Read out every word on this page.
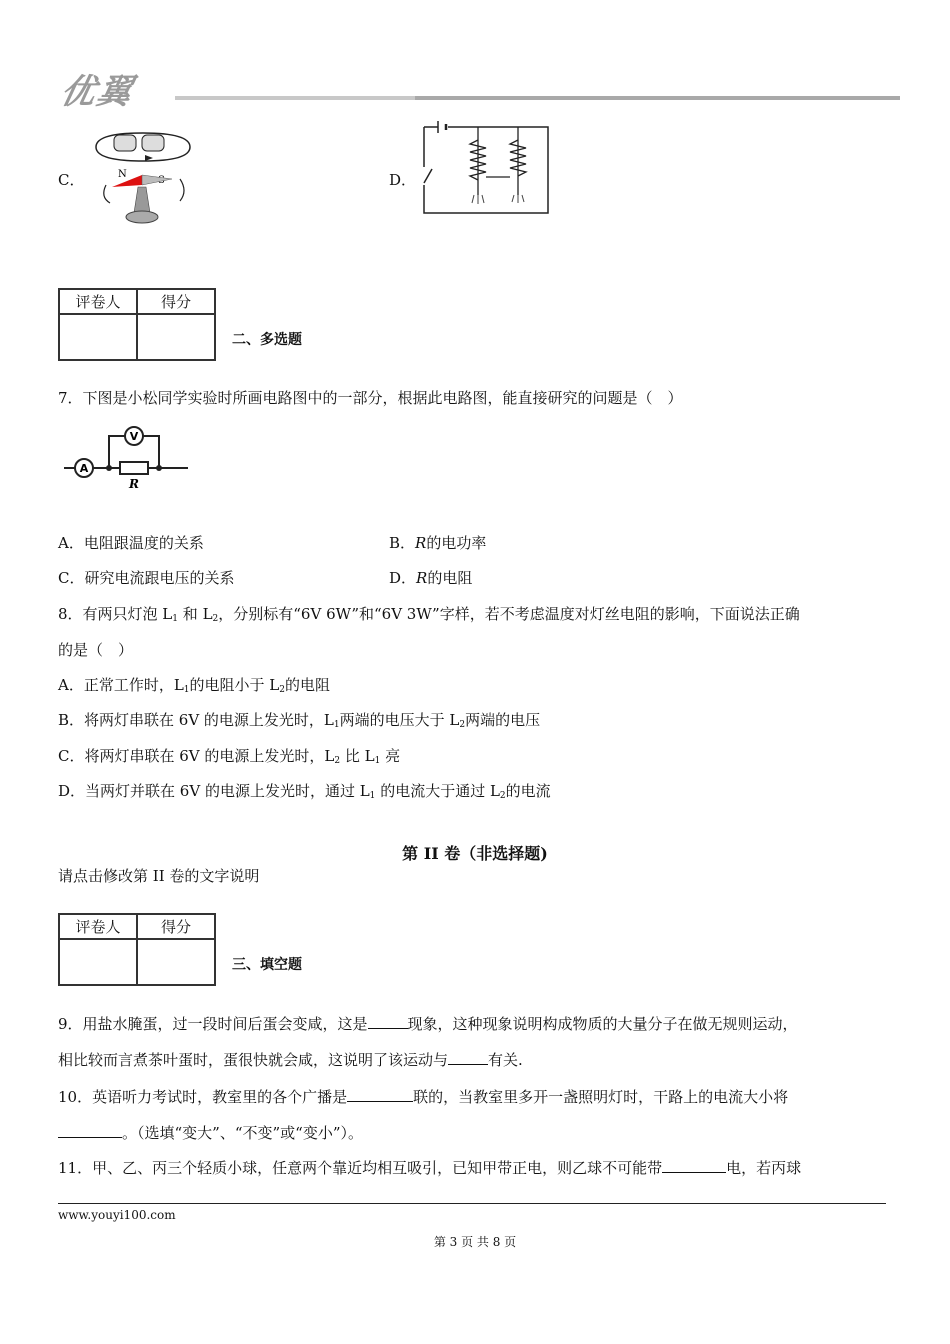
优翼
C．	N	D．
评卷人	得分

二、多选题
7．下图是小松同学实验时所画电路图中的一部分，根据此电路图，能直接研究的问题是（　）
A
V
R
A．电阻跟温度的关系	B．R的电功率
C．研究电流跟电压的关系	D．R的电阻
8．有两只灯泡 $L_1$ 和 $L_2$，分别标有“6V 6W”和“6V 3W”字样，若不考虑温度对灯丝电阻的影响，下面说法正确
的是（　）
A．正常工作时，$L_1$的电阻小于 $L_2$的电阻
B．将两灯串联在 6V 的电源上发光时，$L_1$两端的电压大于 $L_2$两端的电压
C．将两灯串联在 6V 的电源上发光时，$L_2$ 比 $L_1$ 亮
D．当两灯并联在 6V 的电源上发光时，通过 $L_1$ 的电流大于通过 $L_2$的电流
第 II 卷（非选择题)
请点击修改第 II 卷的文字说明
评卷人	得分

三、填空题
9．用盐水腌蛋，过一段时间后蛋会变咸，这是	现象，这种现象说明构成物质的大量分子在做无规则运动，
相比较而言煮茶叶蛋时，蛋很快就会咸，这说明了该运动与	有关.
10．英语听力考试时，教室里的各个广播是	联的，当教室里多开一盏照明灯时，干路上的电流大小将
。（选填“变大”、“不变”或“变小”）。
11．甲、乙、丙三个轻质小球，任意两个靠近均相互吸引，已知甲带正电，则乙球不可能带	电，若丙球
www.youyi100.com
第 3 页 共 8 页
